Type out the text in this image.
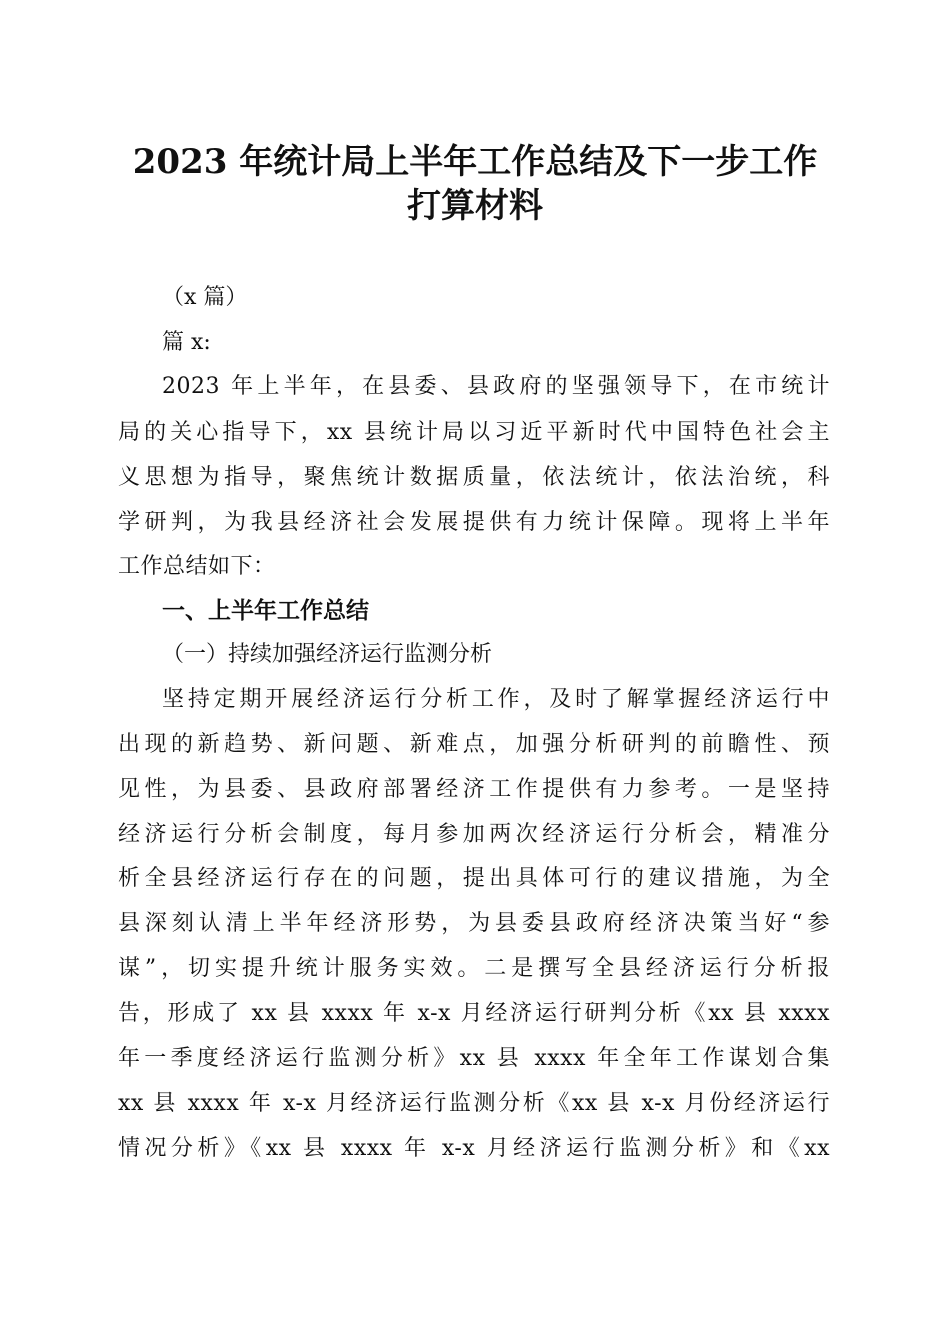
2023 年统计局上半年工作总结及下一步工作
打算材料
（x 篇）
篇 x:
2023 年上半年，在县委、县政府的坚强领导下，在市统计
局的关心指导下，xx 县统计局以习近平新时代中国特色社会主
义思想为指导，聚焦统计数据质量，依法统计，依法治统，科
学研判，为我县经济社会发展提供有力统计保障。现将上半年
工作总结如下：
一、上半年工作总结
（一）持续加强经济运行监测分析
坚持定期开展经济运行分析工作，及时了解掌握经济运行中
出现的新趋势、新问题、新难点，加强分析研判的前瞻性、预
见性，为县委、县政府部署经济工作提供有力参考。一是坚持
经济运行分析会制度，每月参加两次经济运行分析会，精准分
析全县经济运行存在的问题，提出具体可行的建议措施，为全
县深刻认清上半年经济形势，为县委县政府经济决策当好“参
谋”，切实提升统计服务实效。二是撰写全县经济运行分析报
告，形成了 xx 县 xxxx 年 x-x 月经济运行研判分析《xx 县 xxxx
年一季度经济运行监测分析》xx 县 xxxx 年全年工作谋划合集
xx 县 xxxx 年 x-x 月经济运行监测分析《xx 县 x-x 月份经济运行
情况分析》《xx 县 xxxx 年 x-x 月经济运行监测分析》和《xx
